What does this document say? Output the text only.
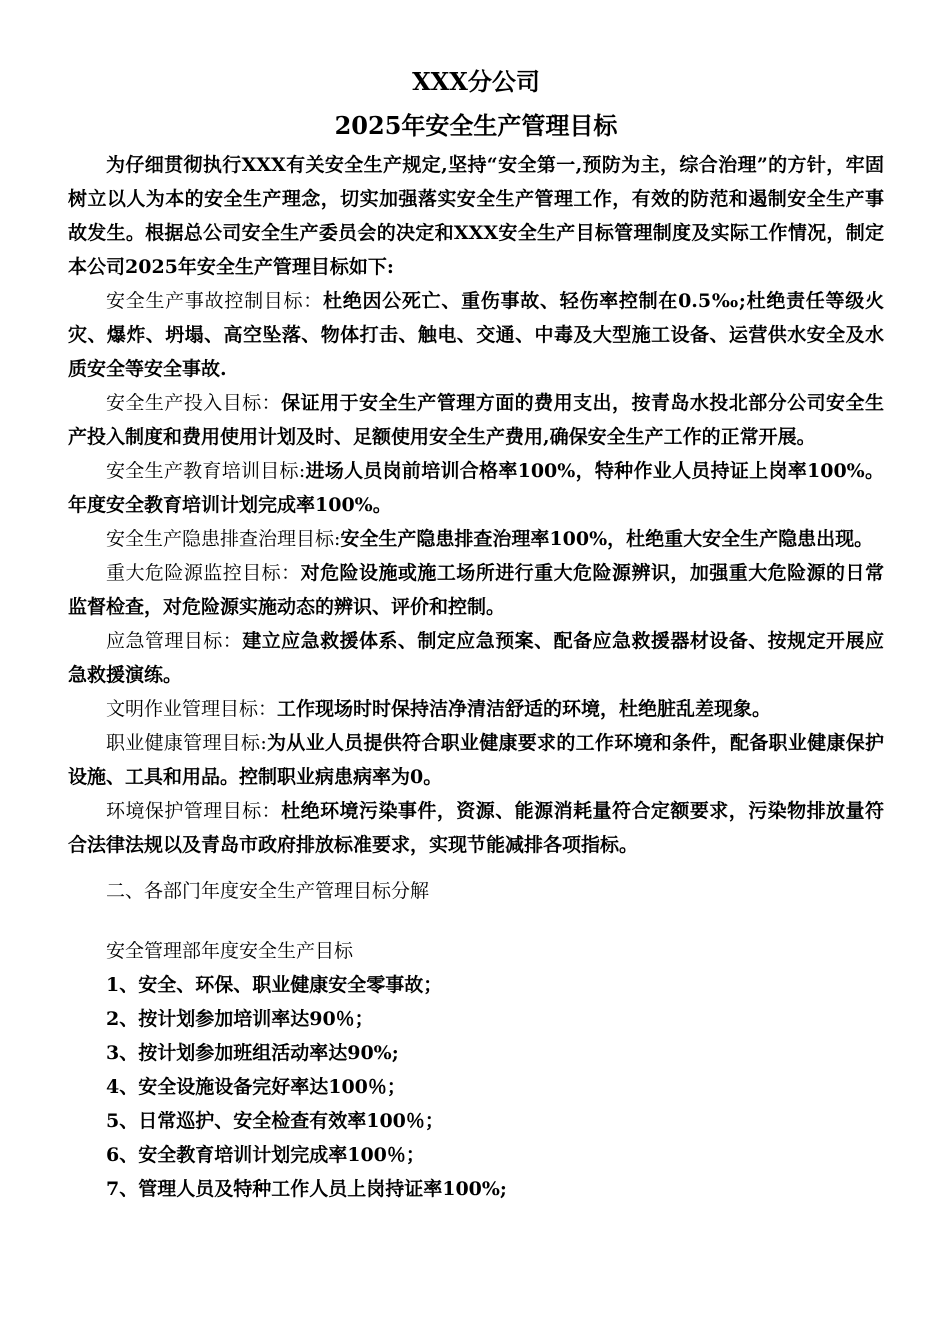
XXX分公司
2025年安全生产管理目标

为仔细贯彻执行XXX有关安全生产规定,坚持“安全第一,预防为主，综合治理”的方针，牢固树立以人为本的安全生产理念，切实加强落实安全生产管理工作，有效的防范和遏制安全生产事故发生。根据总公司安全生产委员会的决定和XXX安全生产目标管理制度及实际工作情况，制定本公司2025年安全生产管理目标如下:

安全生产事故控制目标：杜绝因公死亡、重伤事故、轻伤率控制在0.5‰;杜绝责任等级火灾、爆炸、坍塌、高空坠落、物体打击、触电、交通、中毒及大型施工设备、运营供水安全及水质安全等安全事故.

安全生产投入目标：保证用于安全生产管理方面的费用支出，按青岛水投北部分公司安全生产投入制度和费用使用计划及时、足额使用安全生产费用,确保安全生产工作的正常开展。

安全生产教育培训目标:进场人员岗前培训合格率100%，特种作业人员持证上岗率100%。年度安全教育培训计划完成率100%。

安全生产隐患排查治理目标:安全生产隐患排查治理率100%，杜绝重大安全生产隐患出现。

重大危险源监控目标：对危险设施或施工场所进行重大危险源辨识，加强重大危险源的日常监督检查，对危险源实施动态的辨识、评价和控制。

应急管理目标：建立应急救援体系、制定应急预案、配备应急救援器材设备、按规定开展应急救援演练。

文明作业管理目标：工作现场时时保持洁净清洁舒适的环境，杜绝脏乱差现象。

职业健康管理目标:为从业人员提供符合职业健康要求的工作环境和条件，配备职业健康保护设施、工具和用品。控制职业病患病率为0。

环境保护管理目标：杜绝环境污染事件，资源、能源消耗量符合定额要求，污染物排放量符合法律法规以及青岛市政府排放标准要求，实现节能减排各项指标。

二、各部门年度安全生产管理目标分解

安全管理部年度安全生产目标

1、安全、环保、职业健康安全零事故；
2、按计划参加培训率达90％；
3、按计划参加班组活动率达90%;
4、安全设施设备完好率达100％；
5、日常巡护、安全检查有效率100％；
6、安全教育培训计划完成率100％；
7、管理人员及特种工作人员上岗持证率100%;
